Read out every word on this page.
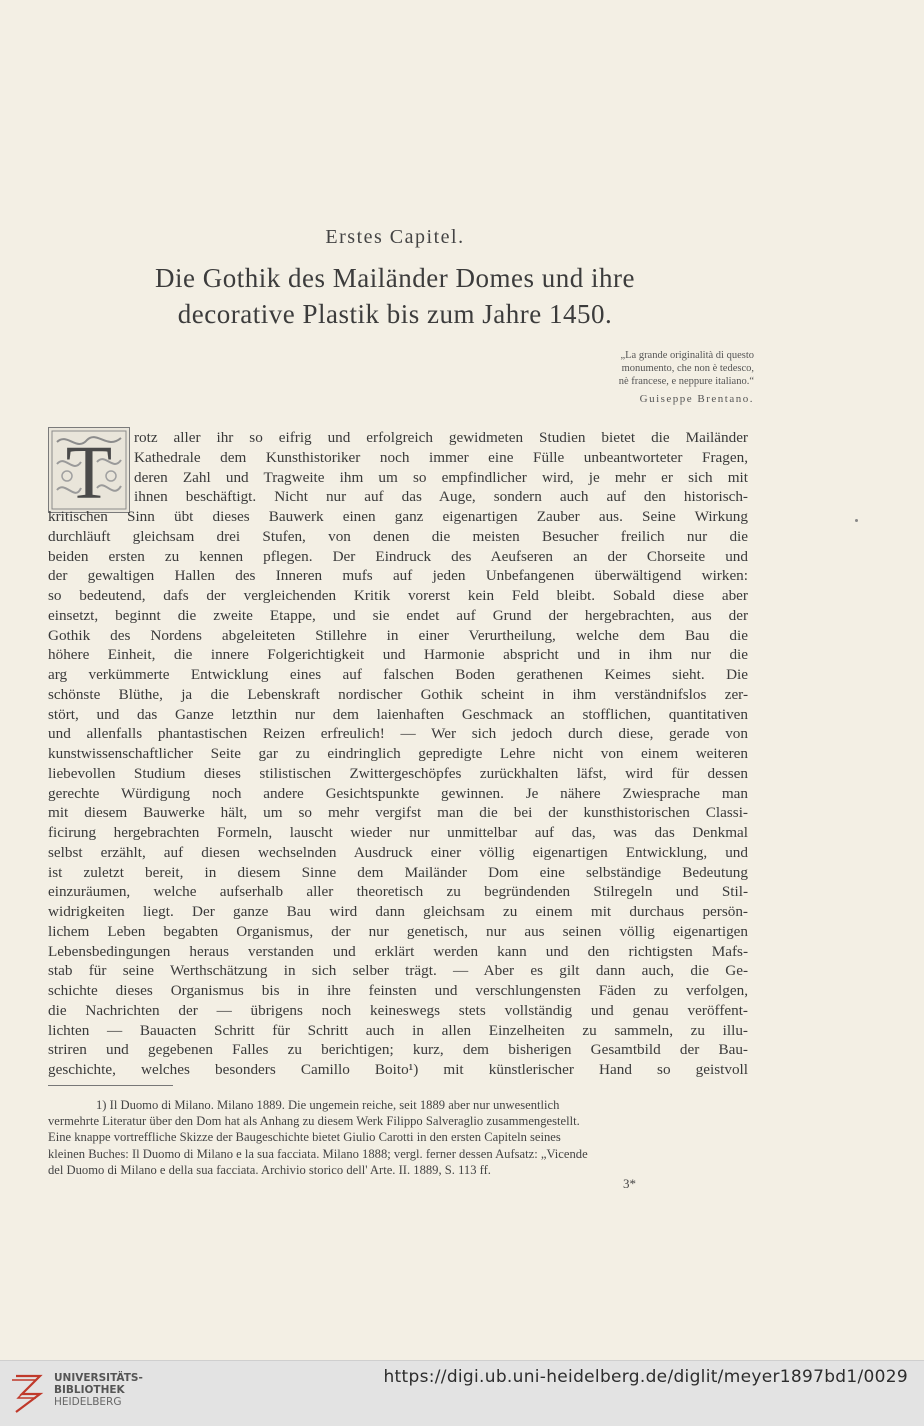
Erstes Capitel.
Die Gothik des Mailänder Domes und ihre
decorative Plastik bis zum Jahre 1450.
„La grande originalità di questo
monumento, che non è tedesco,
nè francese, e neppure italiano.“
Guiseppe Brentano.
T	rotz aller ihr so eifrig und erfolgreich gewidmeten Studien bietet die Mailänder
Kathedrale dem Kunsthistoriker noch immer eine Fülle unbeantworteter Fragen,
deren Zahl und Tragweite ihm um so empfindlicher wird, je mehr er sich mit
ihnen beschäftigt. Nicht nur auf das Auge, sondern auch auf den historisch-
kritischen Sinn übt dieses Bauwerk einen ganz eigenartigen Zauber aus. Seine Wirkung
durchläuft gleichsam drei Stufen, von denen die meisten Besucher freilich nur die
beiden ersten zu kennen pflegen. Der Eindruck des Aeufseren an der Chorseite und
der gewaltigen Hallen des Inneren mufs auf jeden Unbefangenen überwältigend wirken:
so bedeutend, dafs der vergleichenden Kritik vorerst kein Feld bleibt. Sobald diese aber
einsetzt, beginnt die zweite Etappe, und sie endet auf Grund der hergebrachten, aus der
Gothik des Nordens abgeleiteten Stillehre in einer Verurtheilung, welche dem Bau die
höhere Einheit, die innere Folgerichtigkeit und Harmonie abspricht und in ihm nur die
arg verkümmerte Entwicklung eines auf falschen Boden gerathenen Keimes sieht. Die
schönste Blüthe, ja die Lebenskraft nordischer Gothik scheint in ihm verständnifslos zer-
stört, und das Ganze letzthin nur dem laienhaften Geschmack an stofflichen, quantitativen
und allenfalls phantastischen Reizen erfreulich! — Wer sich jedoch durch diese, gerade von
kunstwissenschaftlicher Seite gar zu eindringlich gepredigte Lehre nicht von einem weiteren
liebevollen Studium dieses stilistischen Zwittergeschöpfes zurückhalten läfst, wird für dessen
gerechte Würdigung noch andere Gesichtspunkte gewinnen. Je nähere Zwiesprache man
mit diesem Bauwerke hält, um so mehr vergifst man die bei der kunsthistorischen Classi-
ficirung hergebrachten Formeln, lauscht wieder nur unmittelbar auf das, was das Denkmal
selbst erzählt, auf diesen wechselnden Ausdruck einer völlig eigenartigen Entwicklung, und
ist zuletzt bereit, in diesem Sinne dem Mailänder Dom eine selbständige Bedeutung
einzuräumen, welche aufserhalb aller theoretisch zu begründenden Stilregeln und Stil-
widrigkeiten liegt. Der ganze Bau wird dann gleichsam zu einem mit durchaus persön-
lichem Leben begabten Organismus, der nur genetisch, nur aus seinen völlig eigenartigen
Lebensbedingungen heraus verstanden und erklärt werden kann und den richtigsten Mafs-
stab für seine Werthschätzung in sich selber trägt. — Aber es gilt dann auch, die Ge-
schichte dieses Organismus bis in ihre feinsten und verschlungensten Fäden zu verfolgen,
die Nachrichten der — übrigens noch keineswegs stets vollständig und genau veröffent-
lichten — Bauacten Schritt für Schritt auch in allen Einzelheiten zu sammeln, zu illu-
striren und gegebenen Falles zu berichtigen; kurz, dem bisherigen Gesamtbild der Bau-
geschichte, welches besonders Camillo Boito¹) mit künstlerischer Hand so geistvoll
1) Il Duomo di Milano. Milano 1889. Die ungemein reiche, seit 1889 aber nur unwesentlich
vermehrte Literatur über den Dom hat als Anhang zu diesem Werk Filippo Salveraglio zusammengestellt.
Eine knappe vortreffliche Skizze der Baugeschichte bietet Giulio Carotti in den ersten Capiteln seines
kleinen Buches: Il Duomo di Milano e la sua facciata. Milano 1888; vergl. ferner dessen Aufsatz: „Vicende
del Duomo di Milano e della sua facciata. Archivio storico dell' Arte. II. 1889, S. 113 ff.
3*
UNIVERSITÄTS-
BIBLIOTHEK
HEIDELBERG
https://digi.ub.uni-heidelberg.de/diglit/meyer1897bd1/0029
